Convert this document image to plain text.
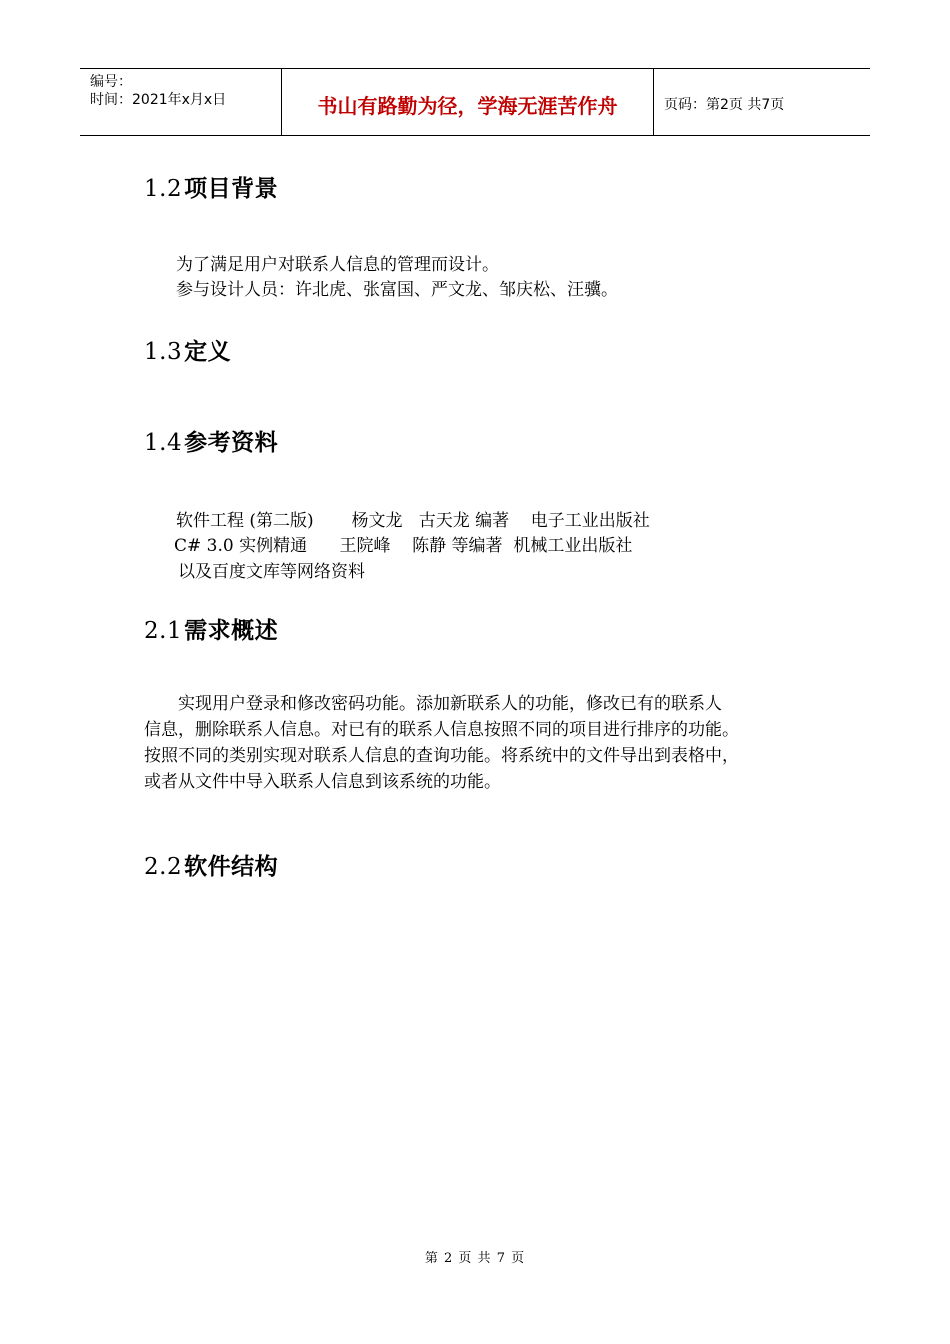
编号：
时间：2021年x月x日	书山有路勤为径，学海无涯苦作舟	页码：第2页 共7页
1.2项目背景
为了满足用户对联系人信息的管理而设计。
参与设计人员：许北虎、张富国、严文龙、邹庆松、汪骥。
1.3定义
1.4参考资料
软件工程 (第二版)       杨文龙   古天龙 编著    电子工业出版社
C# 3.0 实例精通      王院峰    陈静 等编著  机械工业出版社
以及百度文库等网络资料
2.1需求概述
实现用户登录和修改密码功能。添加新联系人的功能，修改已有的联系人
信息，删除联系人信息。对已有的联系人信息按照不同的项目进行排序的功能。
按照不同的类别实现对联系人信息的查询功能。将系统中的文件导出到表格中，
或者从文件中导入联系人信息到该系统的功能。
2.2软件结构
第 2 页 共 7 页
